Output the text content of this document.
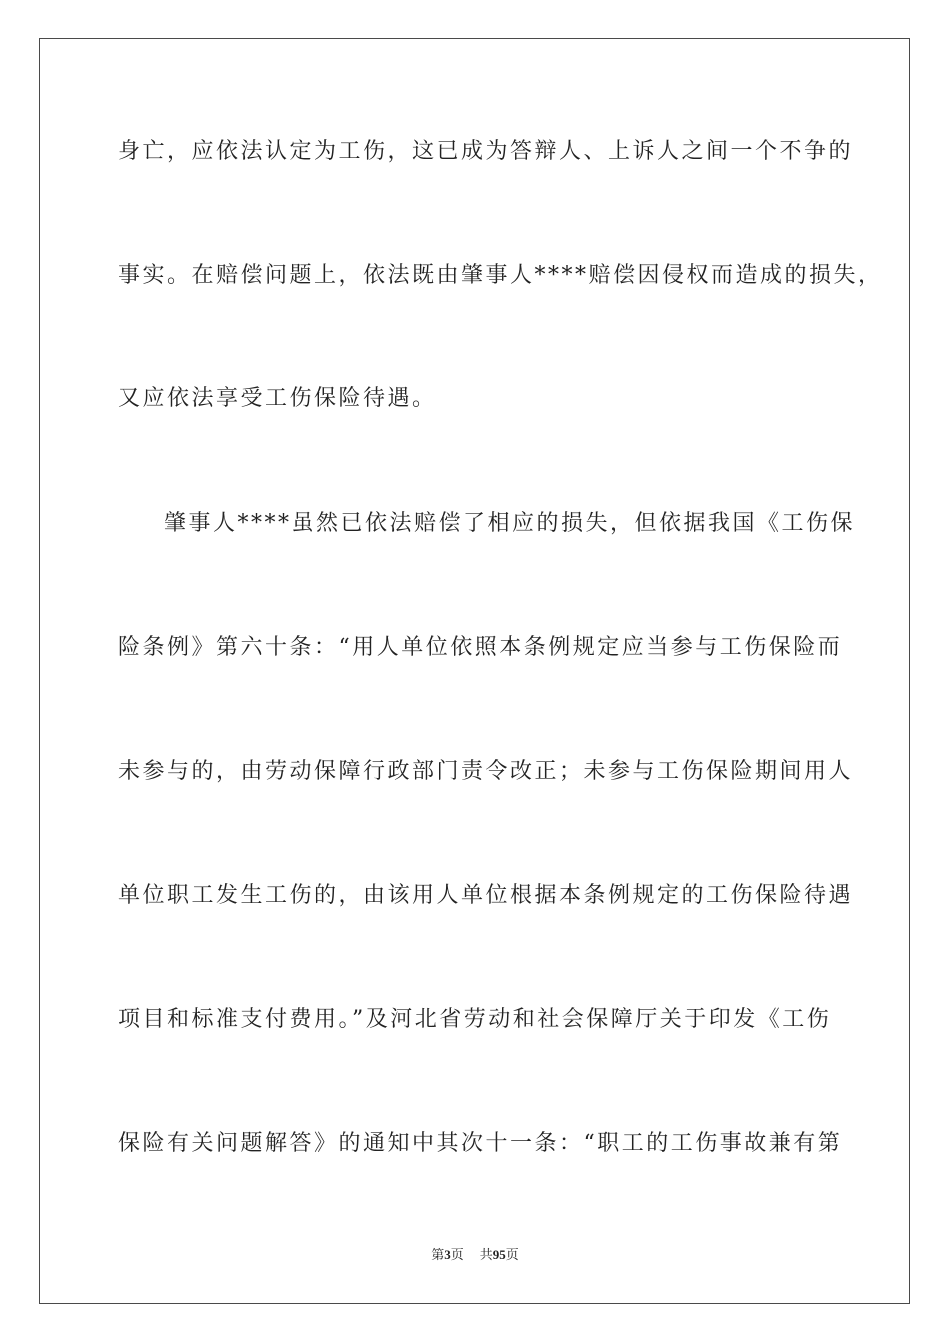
身亡，应依法认定为工伤，这已成为答辩人、上诉人之间一个不争的
事实。在赔偿问题上，依法既由肇事人****赔偿因侵权而造成的损失，
又应依法享受工伤保险待遇。
肇事人****虽然已依法赔偿了相应的损失，但依据我国《工伤保
险条例》第六十条：“用人单位依照本条例规定应当参与工伤保险而
未参与的，由劳动保障行政部门责令改正；未参与工伤保险期间用人
单位职工发生工伤的，由该用人单位根据本条例规定的工伤保险待遇
项目和标准支付费用。”及河北省劳动和社会保障厅关于印发《工伤
保险有关问题解答》的通知中其次十一条：“职工的工伤事故兼有第
第3页 共95页
